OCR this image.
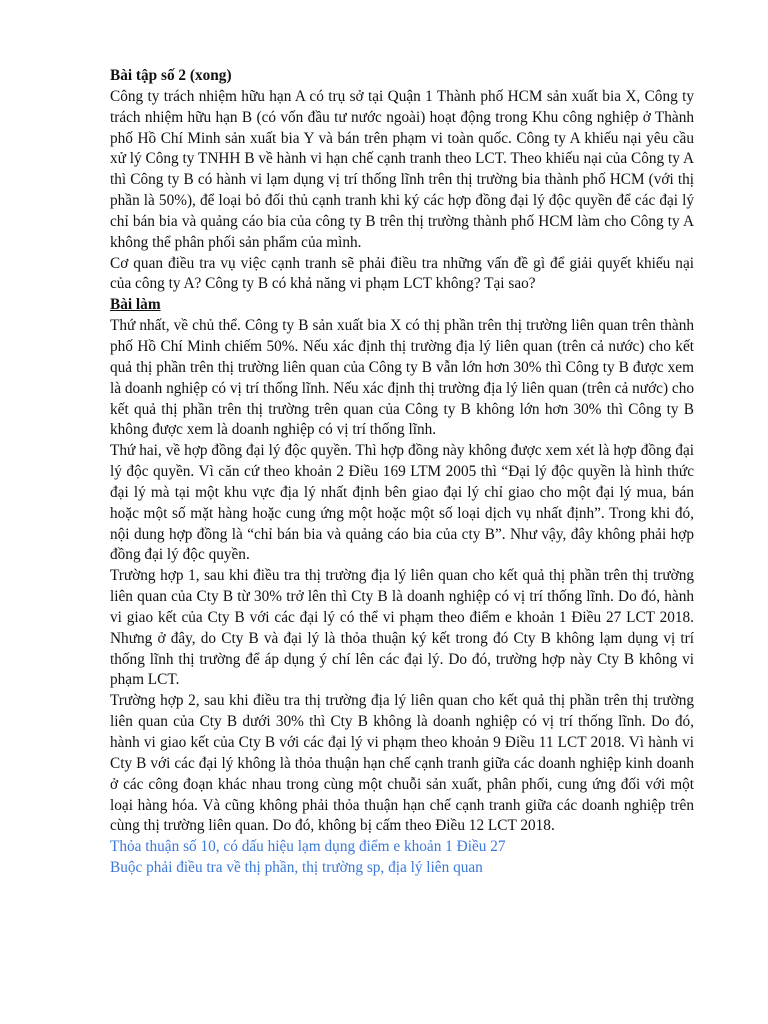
Bài tập số 2 (xong)

Công ty trách nhiệm hữu hạn A có trụ sở tại Quận 1 Thành phố HCM sản xuất bia X, Công ty trách nhiệm hữu hạn B (có vốn đầu tư nước ngoài) hoạt động trong Khu công nghiệp ở Thành phố Hồ Chí Minh sản xuất bia Y và bán trên phạm vi toàn quốc. Công ty A khiếu nại yêu cầu xử lý Công ty TNHH B về hành vi hạn chế cạnh tranh theo LCT. Theo khiếu nại của Công ty A thì Công ty B có hành vi lạm dụng vị trí thống lĩnh trên thị trường bia thành phố HCM (với thị phần là 50%), để loại bỏ đối thủ cạnh tranh khi ký các hợp đồng đại lý độc quyền để các đại lý chỉ bán bia và quảng cáo bia của công ty B trên thị trường thành phố HCM làm cho Công ty A không thể phân phối sản phẩm của mình.

Cơ quan điều tra vụ việc cạnh tranh sẽ phải điều tra những vấn đề gì để giải quyết khiếu nại của công ty A? Công ty B có khả năng vi phạm LCT không? Tại sao?

Bài làm

Thứ nhất, về chủ thể. Công ty B sản xuất bia X có thị phần trên thị trường liên quan trên thành phố Hồ Chí Minh chiếm 50%. Nếu xác định thị trường địa lý liên quan (trên cả nước) cho kết quả thị phần trên thị trường liên quan của Công ty B vẫn lớn hơn 30% thì Công ty B được xem là doanh nghiệp có vị trí thống lĩnh. Nếu xác định thị trường địa lý liên quan (trên cả nước) cho kết quả thị phần trên thị trường trên quan của Công ty B không lớn hơn 30% thì Công ty B không được xem là doanh nghiệp có vị trí thống lĩnh.

Thứ hai, về hợp đồng đại lý độc quyền. Thì hợp đồng này không được xem xét là hợp đồng đại lý độc quyền. Vì căn cứ theo khoản 2 Điều 169 LTM 2005 thì “Đại lý độc quyền là hình thức đại lý mà tại một khu vực địa lý nhất định bên giao đại lý chỉ giao cho một đại lý mua, bán hoặc một số mặt hàng hoặc cung ứng một hoặc một số loại dịch vụ nhất định”. Trong khi đó, nội dung hợp đồng là “chỉ bán bia và quảng cáo bia của cty B”. Như vậy, đây không phải hợp đồng đại lý độc quyền.

Trường hợp 1, sau khi điều tra thị trường địa lý liên quan cho kết quả thị phần trên thị trường liên quan của Cty B từ 30% trở lên thì Cty B là doanh nghiệp có vị trí thống lĩnh. Do đó, hành vi giao kết của Cty B với các đại lý có thể vi phạm theo điểm e khoản 1 Điều 27 LCT 2018. Nhưng ở đây, do Cty B và đại lý là thỏa thuận ký kết trong đó Cty B không lạm dụng vị trí thống lĩnh thị trường để áp dụng ý chí lên các đại lý. Do đó, trường hợp này Cty B không vi phạm LCT.

Trường hợp 2, sau khi điều tra thị trường địa lý liên quan cho kết quả thị phần trên thị trường liên quan của Cty B dưới 30% thì Cty B không là doanh nghiệp có vị trí thống lĩnh. Do đó, hành vi giao kết của Cty B với các đại lý vi phạm theo khoản 9 Điều 11 LCT 2018. Vì hành vi Cty B với các đại lý không là thỏa thuận hạn chế cạnh tranh giữa các doanh nghiệp kinh doanh ở các công đoạn khác nhau trong cùng một chuỗi sản xuất, phân phối, cung ứng đối với một loại hàng hóa. Và cũng không phải thỏa thuận hạn chế cạnh tranh giữa các doanh nghiệp trên cùng thị trường liên quan. Do đó, không bị cấm theo Điều 12 LCT 2018.

Thỏa thuận số 10, có dấu hiệu lạm dụng điểm e khoản 1 Điều 27

Buộc phải điều tra về thị phần, thị trường sp, địa lý liên quan
